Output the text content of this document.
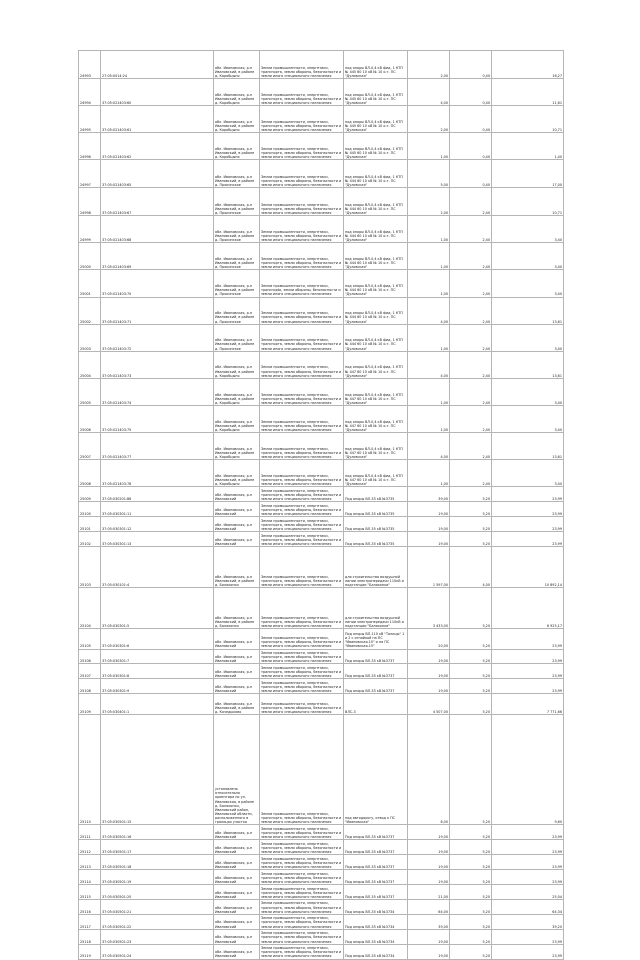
24993	27:05:0014:24	обл. Ивановская, р-н Ивановский, в районе д. Коробцыно	Земли промышленности, энергетики, транспорта, земли обороны, безопасности и земли иного специального назначения	под опоры ВЛ-0,4 кВ фид. 1 КТП № 445 60 10 кВ № 10 о.т. ПС "Дуловская"	2,00	0,40	16,27
24994	37:05:021403:60	обл. Ивановская, р-н Ивановский, в районе д. Коробцыно	Земли промышленности, энергетики, транспорта, земли обороны, безопасности и земли иного специального назначения	под опоры ВЛ-0,4 кВ фид. 1 КТП № 445 60 10 кВ № 10 о.т. ПС "Дуловская"	4,00	0,40	11,61
24995	37:05:021403:61	обл. Ивановская, р-н Ивановский, в районе д. Коробцыно	Земли промышленности, энергетики, транспорта, земли обороны, безопасности и земли иного специального назначения	под опоры ВЛ-0,4 кВ фид. 1 КТП № 445 60 10 кВ № 10 о.т. ПС "Дуловская"	2,00	0,40	10,71
24996	37:05:021403:62	обл. Ивановская, р-н Ивановский, в районе д. Коробцыно	Земли промышленности, энергетики, транспорта, земли обороны, безопасности и земли иного специального назначения	под опоры ВЛ-0,4 кВ фид. 1 КТП № 445 60 10 кВ № 10 о.т. ПС "Дуловская"	1,00	0,40	1,40
24997	37:05:021403:65	обл. Ивановская, р-н Ивановский, в районе д. Прокинское	Земли промышленности, энергетики, транспорта, земли обороны, безопасности и земли иного специального назначения	под опоры ВЛ-0,4 кВ фид. 1 КТП № 444 60 10 кВ № 10 о.т. ПС "Дуловская"	5,00	0,40	17,00
24998	37:05:021403:67	обл. Ивановская, р-н Ивановский, в районе д. Прокинское	Земли промышленности, энергетики, транспорта, земли обороны, безопасности и земли иного специального назначения	под опоры ВЛ-0,4 кВ фид. 1 КТП № 444 60 10 кВ № 10 о.т. ПС "Дуловская"	2,00	2,40	10,71
24999	37:05:021403:68	обл. Ивановская, р-н Ивановский, в районе д. Прокинское	Земли промышленности, энергетики, транспорта, земли обороны, безопасности и земли иного специального назначения	под опоры ВЛ-0,4 кВ фид. 1 КТП № 444 60 10 кВ № 10 о.т. ПС "Дуловская"	1,00	2,40	3,40
25000	37:05:021403:69	обл. Ивановская, р-н Ивановский, в районе д. Прокинское	Земли промышленности, энергетики, транспорта, земли обороны, безопасности и земли иного специального назначения	под опоры ВЛ-0,4 кВ фид. 1 КТП № 444 60 10 кВ № 10 о.т. ПС "Дуловская"	1,00	2,40	3,40
25001	37:05:021403:70	обл. Ивановская, р-н Ивановский, в районе д. Прокинское	Земли промышленности, энергетики, транспорta, земли обороны, безопасности и земли иного специального назначения	под опоры ВЛ-0,4 кВ фид. 1 КТП № 444 60 10 кВ № 10 о.т. ПС "Дуловская"	1,00	2,40	3,40
25002	37:05:021403:71	обл. Ивановская, р-н Ивановский, в районе д. Прокинское	Земли промышленности, энергетики, транспорта, земли обороны, безопасности и земли иного специального назначения	под опоры ВЛ-0,4 кВ фид. 1 КТП № 444 60 10 кВ № 10 о.т. ПС "Дуловская"	4,00	2,40	13,61
25003	37:05:021403:72	обл. Ивановская, р-н Ивановский, в районе д. Прокинское	Земли промышленности, энергетики, транспорта, земли обороны, безопасности и земли иного специального назначения	под опоры ВЛ-0,4 кВ фид. 1 КТП № 444 60 10 кВ № 10 о.т. ПС "Дуловская"	1,00	2,40	3,40
25004	37:05:021403:73	обл. Ивановская, р-н Ивановский, в районе д. Коробцыно	Земли промышленности, энергетики, транспорта, земли обороны, безопасности и земли иного специального назначения	под опоры ВЛ-0,4 кВ фид. 1 КТП № 447 60 10 кВ № 10 о.т. ПС "Дуловская"	4,00	2,40	13,61
25005	37:05:021403:74	обл. Ивановская, р-н Ивановский, в районе д. Коробцыно	Земли промышленности, энергетики, транспорта, земли обороны, безопасности и земли иного специального назначения	под опоры ВЛ-0,4 кВ фид. 1 КТП № 447 60 10 кВ № 10 о.т. ПС "Дуловская"	1,00	2,40	3,40
25006	37:05:021403:75	обл. Ивановская, р-н Ивановский, в районе д. Коробцыно	Земли промышленности, энергетики, транспорта, земли обороны, безопасности и земли иного специального назначения	под опоры ВЛ-0,4 кВ фид. 1 КТП № 447 60 10 кВ № 10 о.т. ПС "Дуловская"	1,00	2,40	3,40
25007	37:05:021403:77	обл. Ивановская, р-н Ивановский, в районе д. Коробцыно	Земли промышленности, энергетики, транспорта, земли обороны, безопасности и земли иного специального назначения	под опоры ВЛ-0,4 кВ фид. 1 КТП № 447 60 10 кВ № 10 о.т. ПС "Дуловская"	4,00	2,40	13,61
25008	37:05:021403:78	обл. Ивановская, р-н Ивановский, в районе д. Коробцыно	Земли промышленности, энергетики, транспорта, земли обороны, безопасности и земли иного специального назначения	под опоры ВЛ-0,4 кВ фид. 1 КТП № 447 60 10 кВ № 10 о.т. ПС "Дуловская"	1,00	2,40	3,40
25009	37:05:030201:86	обл. Ивановская, р-н Ивановский	Земли промышленности, энергетики, транспорта, земли обороны, безопасности и земли иного специального назначения	Под опоры ВЛ-35 кВ №3735	39,00	5,20	23,99
25100	37:05:030301:11	обл. Ивановская, р-н Ивановский	Земли промышленности, энергетики, транспорта, земли обороны, безопасности и земли иного специального назначения	Под опоры ВЛ-35 кВ №3735	19,00	5,20	23,99
25101	37:05:030301:12	обл. Ивановская, р-н Ивановский	Земли промышленности, энергетики, транспорта, земли обороны, безопасности и земли иного специального назначения	Под опоры ВЛ-35 кВ №3735	19,00	5,20	23,99
25102	37:05:030301:13	обл. Ивановская, р-н Ивановский	Земли промышленности, энергетики, транспорта, земли обороны, безопасности и земли иного специального назначения	Под опоры ВЛ-35 кВ №3735	19,00	5,20	23,99
25103	37:05:030101:4	обл. Ивановская, р-н Ивановский, в районе д. Балахонки	Земли промышленности, энергетики, транспорта, земли обороны, безопасности и земли иного специального назначения	для строительства воздушной линии электропередачи 110кВ и подстанции "Балахонки"	1 597,00	4,00	10 892,14
25104	37:05:030301:5	обл. Ивановская, р-н Ивановский, в районе д. Балахонки	Земли промышленности, энергетики, транспорта, земли обороны, безопасности и земли иного специального назначения	для строительства воздушной линии электропередачи 110кВ и подстанции "Балахонки"	3 433,00	5,20	6 925,17
25105	37:05:030301:6	обл. Ивановская, р-н Ивановский	Земли промышленности, энергетики, транспорта, земли обороны, безопасности и земли иного специального назначения	Под опоры ВЛ-110 кВ "Талицы" 1 и 2 с отпайкой на ПС "Ивановская-10" и на ПС "Ивановская-15"	20,00	5,20	23,99
25106	37:05:030301:7	обл. Ивановская, р-н Ивановский	Земли промышленности, энергетики, транспорта, земли обороны, безопасности и земли иного специального назначения	Под опоры ВЛ-35 кВ №3737	19,00	5,20	23,99
25107	37:05:030301:8	обл. Ивановская, р-н Ивановский	Земли промышленности, энергетики, транспорта, земли обороны, безопасности и земли иного специального назначения	Под опоры ВЛ-35 кВ №3737	19,00	5,20	23,99
25108	37:05:030301:9	обл. Ивановская, р-н Ивановский	Земли промышленности, энергетики, транспорта, земли обороны, безопасности и земли иного специального назначения	Под опоры ВЛ-35 кВ №3737	19,00	5,20	23,99
25109	37:05:030401:1	обл. Ивановская, р-н Ивановский, в районе д. Кочедыково	Земли промышленности, энергетики, транспорта, земли обороны, безопасности и земли иного специального назначения	ВЛС-3	4 507,00	5,20	7 771,66
25110	37:05:030501:15	установлено относительно ориентира по ул. Ивановская, в районе д. Балахонки, Ивановский район, Ивановской области, расположенного в границах участка	Земли промышленности, энергетики, транспорта, земли обороны, безопасности и земли иного специального назначения	под автодорогу, отвод к ПС "Ивановская"	6,00	5,20	9,60
25111	37:05:030501:16	обл. Ивановская, р-н Ивановский	Земли промышленности, энергетики, транспорта, земли обороны, безопасности и земли иного специального назначения	Под опоры ВЛ-35 кВ №3737	19,00	5,20	23,99
25112	37:05:030501:17	обл. Ивановская, р-н Ивановский	Земли промышленности, энергетики, транспорта, земли обороны, безопасности и земли иного специального назначения	Под опоры ВЛ-35 кВ №3737	19,00	5,20	23,99
25113	37:05:030501:18	обл. Ивановская, р-н Ивановский	Земли промышленности, энергетики, транспорта, земли обороны, безопасности и земли иного специального назначения	Под опоры ВЛ-35 кВ №3737	19,00	5,20	23,99
25114	37:05:030501:19	обл. Ивановская, р-н Ивановский	Земли промышленности, энергетики, транспорта, земли обороны, безопасности и земли иного специального назначения	Под опоры ВЛ-35 кВ №3737	19,00	5,20	23,99
25115	37:05:030501:20	обл. Ивановская, р-н Ивановский	Земли промышленности, энергетики, транспорта, земли обороны, безопасности и земли иного специального назначения	Под опоры ВЛ-35 кВ №3737	21,00	5,20	25,04
25116	37:05:030501:21	обл. Ивановская, р-н Ивановский	Земли промышленности, энергетики, транспорта, земли обороны, безопасности и земли иного специального назначения	Под опоры ВЛ-35 кВ №3734	64,00	5,20	64,34
25117	37:05:030501:22	обл. Ивановская, р-н Ивановский	Земли промышленности, энергетики, транспорта, земли обороны, безопасности и земли иного специального назначения	Под опоры ВЛ-35 кВ №3734	39,00	5,20	39,20
25118	37:05:030501:23	обл. Ивановская, р-н Ивановский	Земли промышленности, энергетики, транспорта, земли обороны, безопасности и земли иного специального назначения	Под опоры ВЛ-35 кВ №3734	19,00	5,20	23,99
25119	37:05:030501:24	обл. Ивановская, р-н Ивановский	Земли промышленности, энергетики, транспорта, земли обороны, безопасности и земли иного специального назначения	Под опоры ВЛ-35 кВ №3734	19,00	5,20	23,99
